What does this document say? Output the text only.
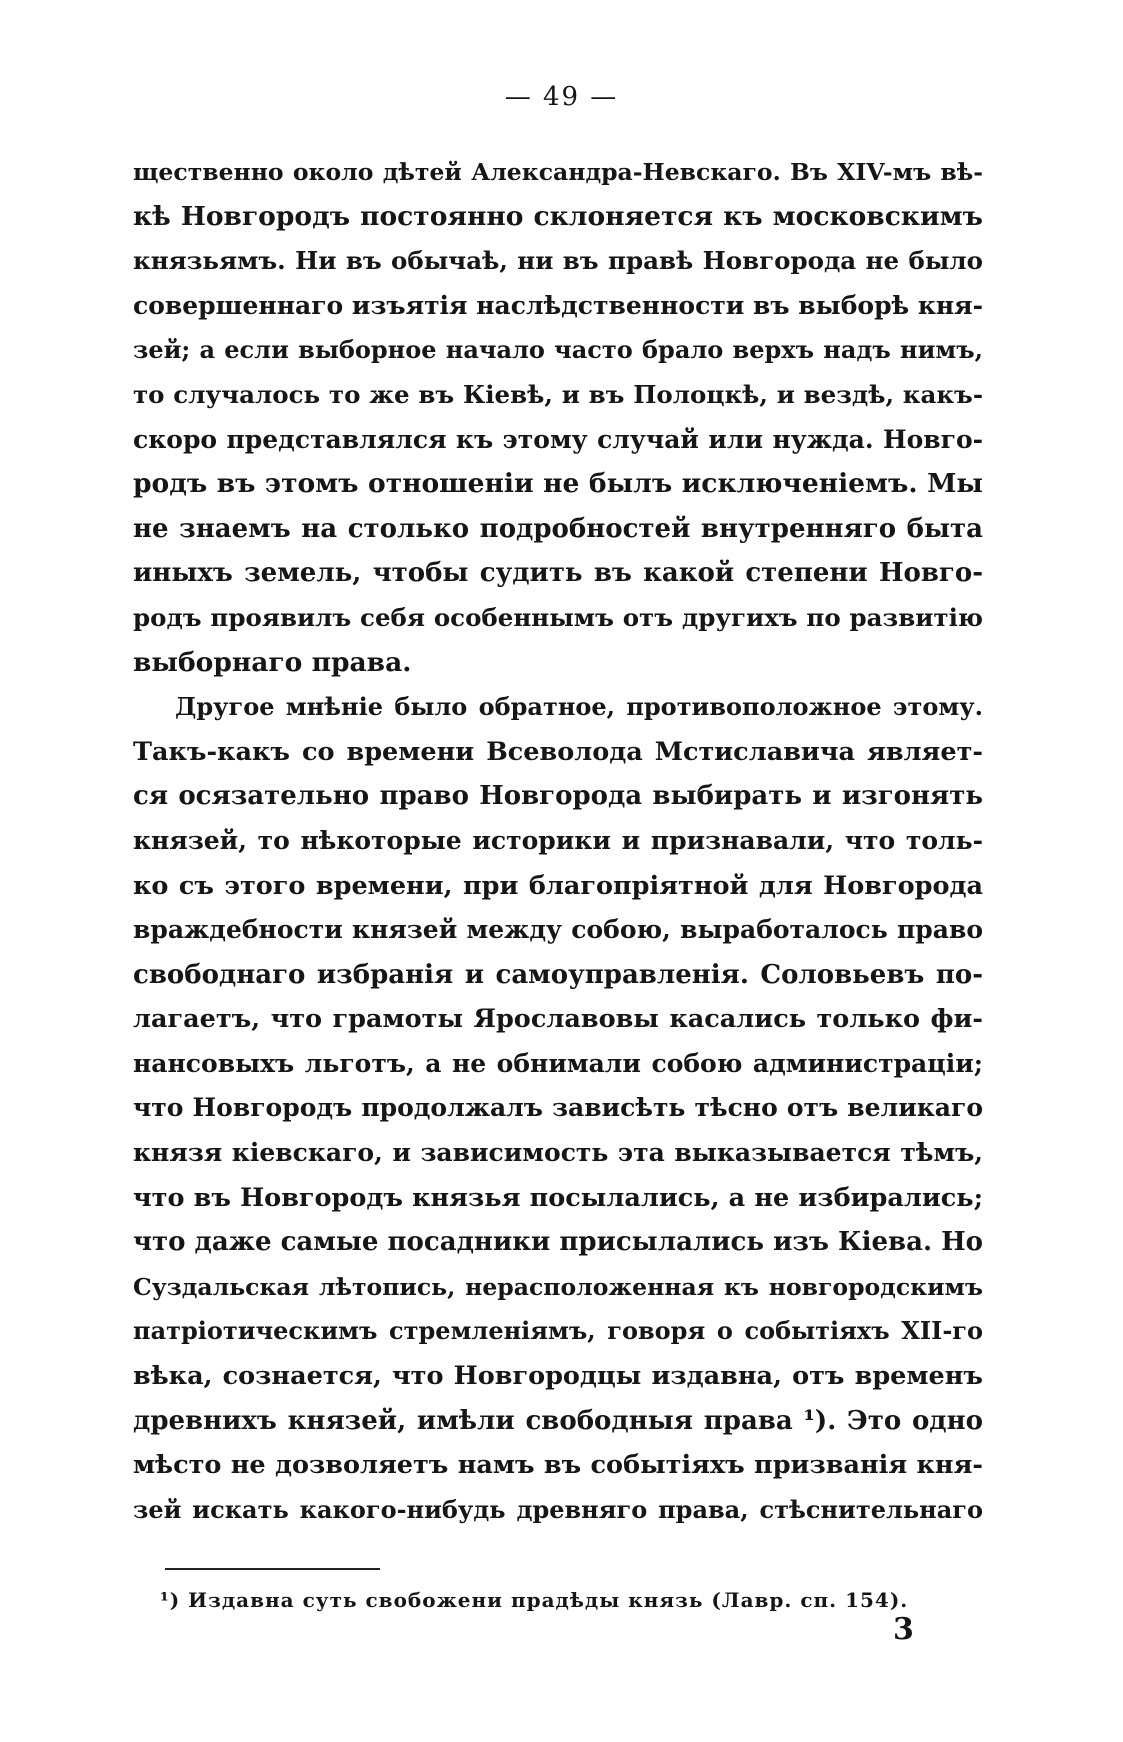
— 49 —
щественно около дѣтей Александра-Невскаго. Въ XIV-мъ вѣ-
кѣ Новгородъ постоянно склоняется къ московскимъ
князьямъ. Ни въ обычаѣ, ни въ правѣ Новгорода не было
совершеннаго изъятія наслѣдственности въ выборѣ кня-
зей; а если выборное начало часто брало верхъ надъ нимъ,
то случалось то же въ Кіевѣ, и въ Полоцкѣ, и вездѣ, какъ-
скоро представлялся къ этому случай или нужда. Новго-
родъ въ этомъ отношеніи не былъ исключеніемъ. Мы
не знаемъ на столько подробностей внутренняго быта
иныхъ земель, чтобы судить въ какой степени Новго-
родъ проявилъ себя особеннымъ отъ другихъ по развитію
выборнаго права.
Другое мнѣніе было обратное, противоположное этому.
Такъ-какъ со времени Всеволода Мстиславича являет-
ся осязательно право Новгорода выбирать и изгонять
князей, то нѣкоторые историки и признавали, что толь-
ко съ этого времени, при благопріятной для Новгорода
враждебности князей между собою, выработалось право
свободнаго избранія и самоуправленія. Соловьевъ по-
лагаетъ, что грамоты Ярославовы касались только фи-
нансовыхъ льготъ, а не обнимали собою администраціи;
что Новгородъ продолжалъ зависѣть тѣсно отъ великаго
князя кіевскаго, и зависимость эта выказывается тѣмъ,
что въ Новгородъ князья посылались, а не избирались;
что даже самые посадники присылались изъ Кіева. Но
Суздальская лѣтопись, нерасположенная къ новгородскимъ
патріотическимъ стремленіямъ, говоря о событіяхъ XII-го
вѣка, сознается, что Новгородцы издавна, отъ временъ
древнихъ князей, имѣли свободныя права ¹). Это одно
мѣсто не дозволяетъ намъ въ событіяхъ призванія кня-
зей искать какого-нибудь древняго права, стѣснительнаго
¹) Издавна суть свобожени прадѣды князь (Лавр. сп. 154).
3
